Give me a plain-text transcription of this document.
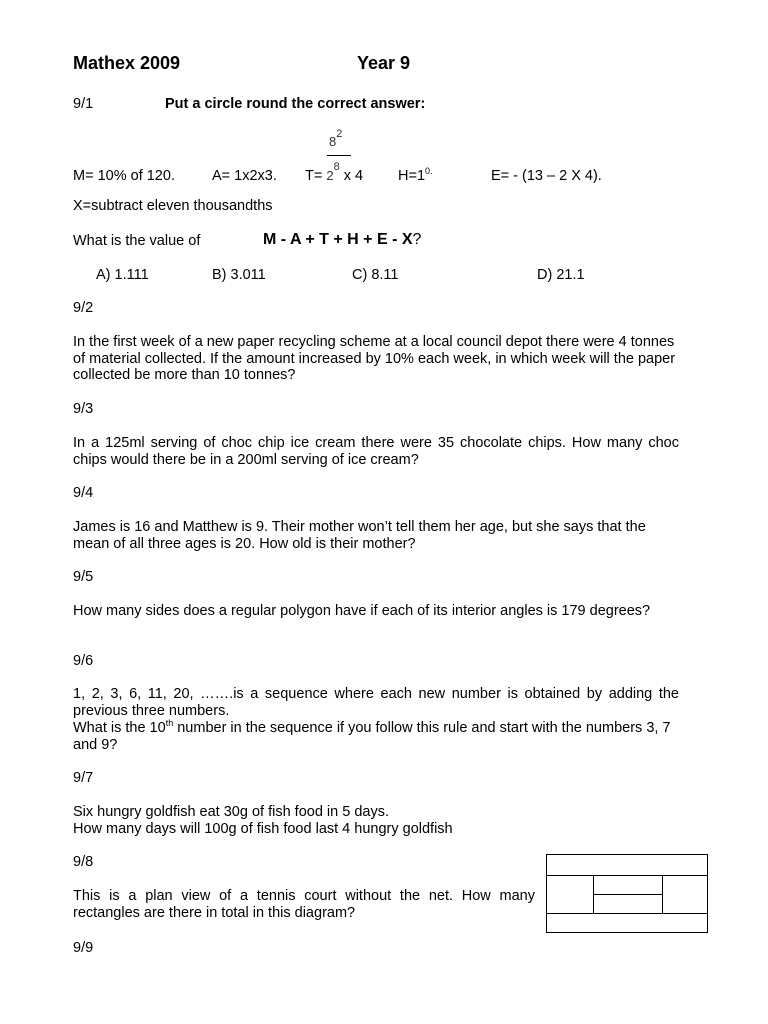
Mathex 2009	Year 9
9/1	Put a circle round the correct answer:
$8^2$
M= 10% of 120.	A= 1x2x3. $T= 2^8$ x 4 $H=1^{0.}$	E= - (13 – 2 X 4).
X=subtract eleven thousandths
What is the value of	M - A + T + H + E - X?
A) 1.111	B) 3.011	C) 8.11	D) 21.1
9/2
In the first week of a new paper recycling scheme at a local council depot there were 4 tonnes of material collected. If the amount increased by 10% each week, in which week will the paper collected be more than 10 tonnes?
9/3
In a 125ml serving of choc chip ice cream there were 35 chocolate chips. How many choc chips would there be in a 200ml serving of ice cream?
9/4
James is 16 and Matthew is 9. Their mother won’t tell them her age, but she says that the mean of all three ages is 20. How old is their mother?
9/5
How many sides does a regular polygon have if each of its interior angles is 179 degrees?
9/6
1, 2, 3, 6, 11, 20, …….is a sequence where each new number is obtained by adding the previous three numbers.
What is the 10th number in the sequence if you follow this rule and start with the numbers 3, 7 and 9?
9/7
Six hungry goldfish eat 30g of fish food in 5 days.
How many days will 100g of fish food last 4 hungry goldfish
9/8
This is a plan view of a tennis court without the net. How many rectangles are there in total in this diagram?
9/9
